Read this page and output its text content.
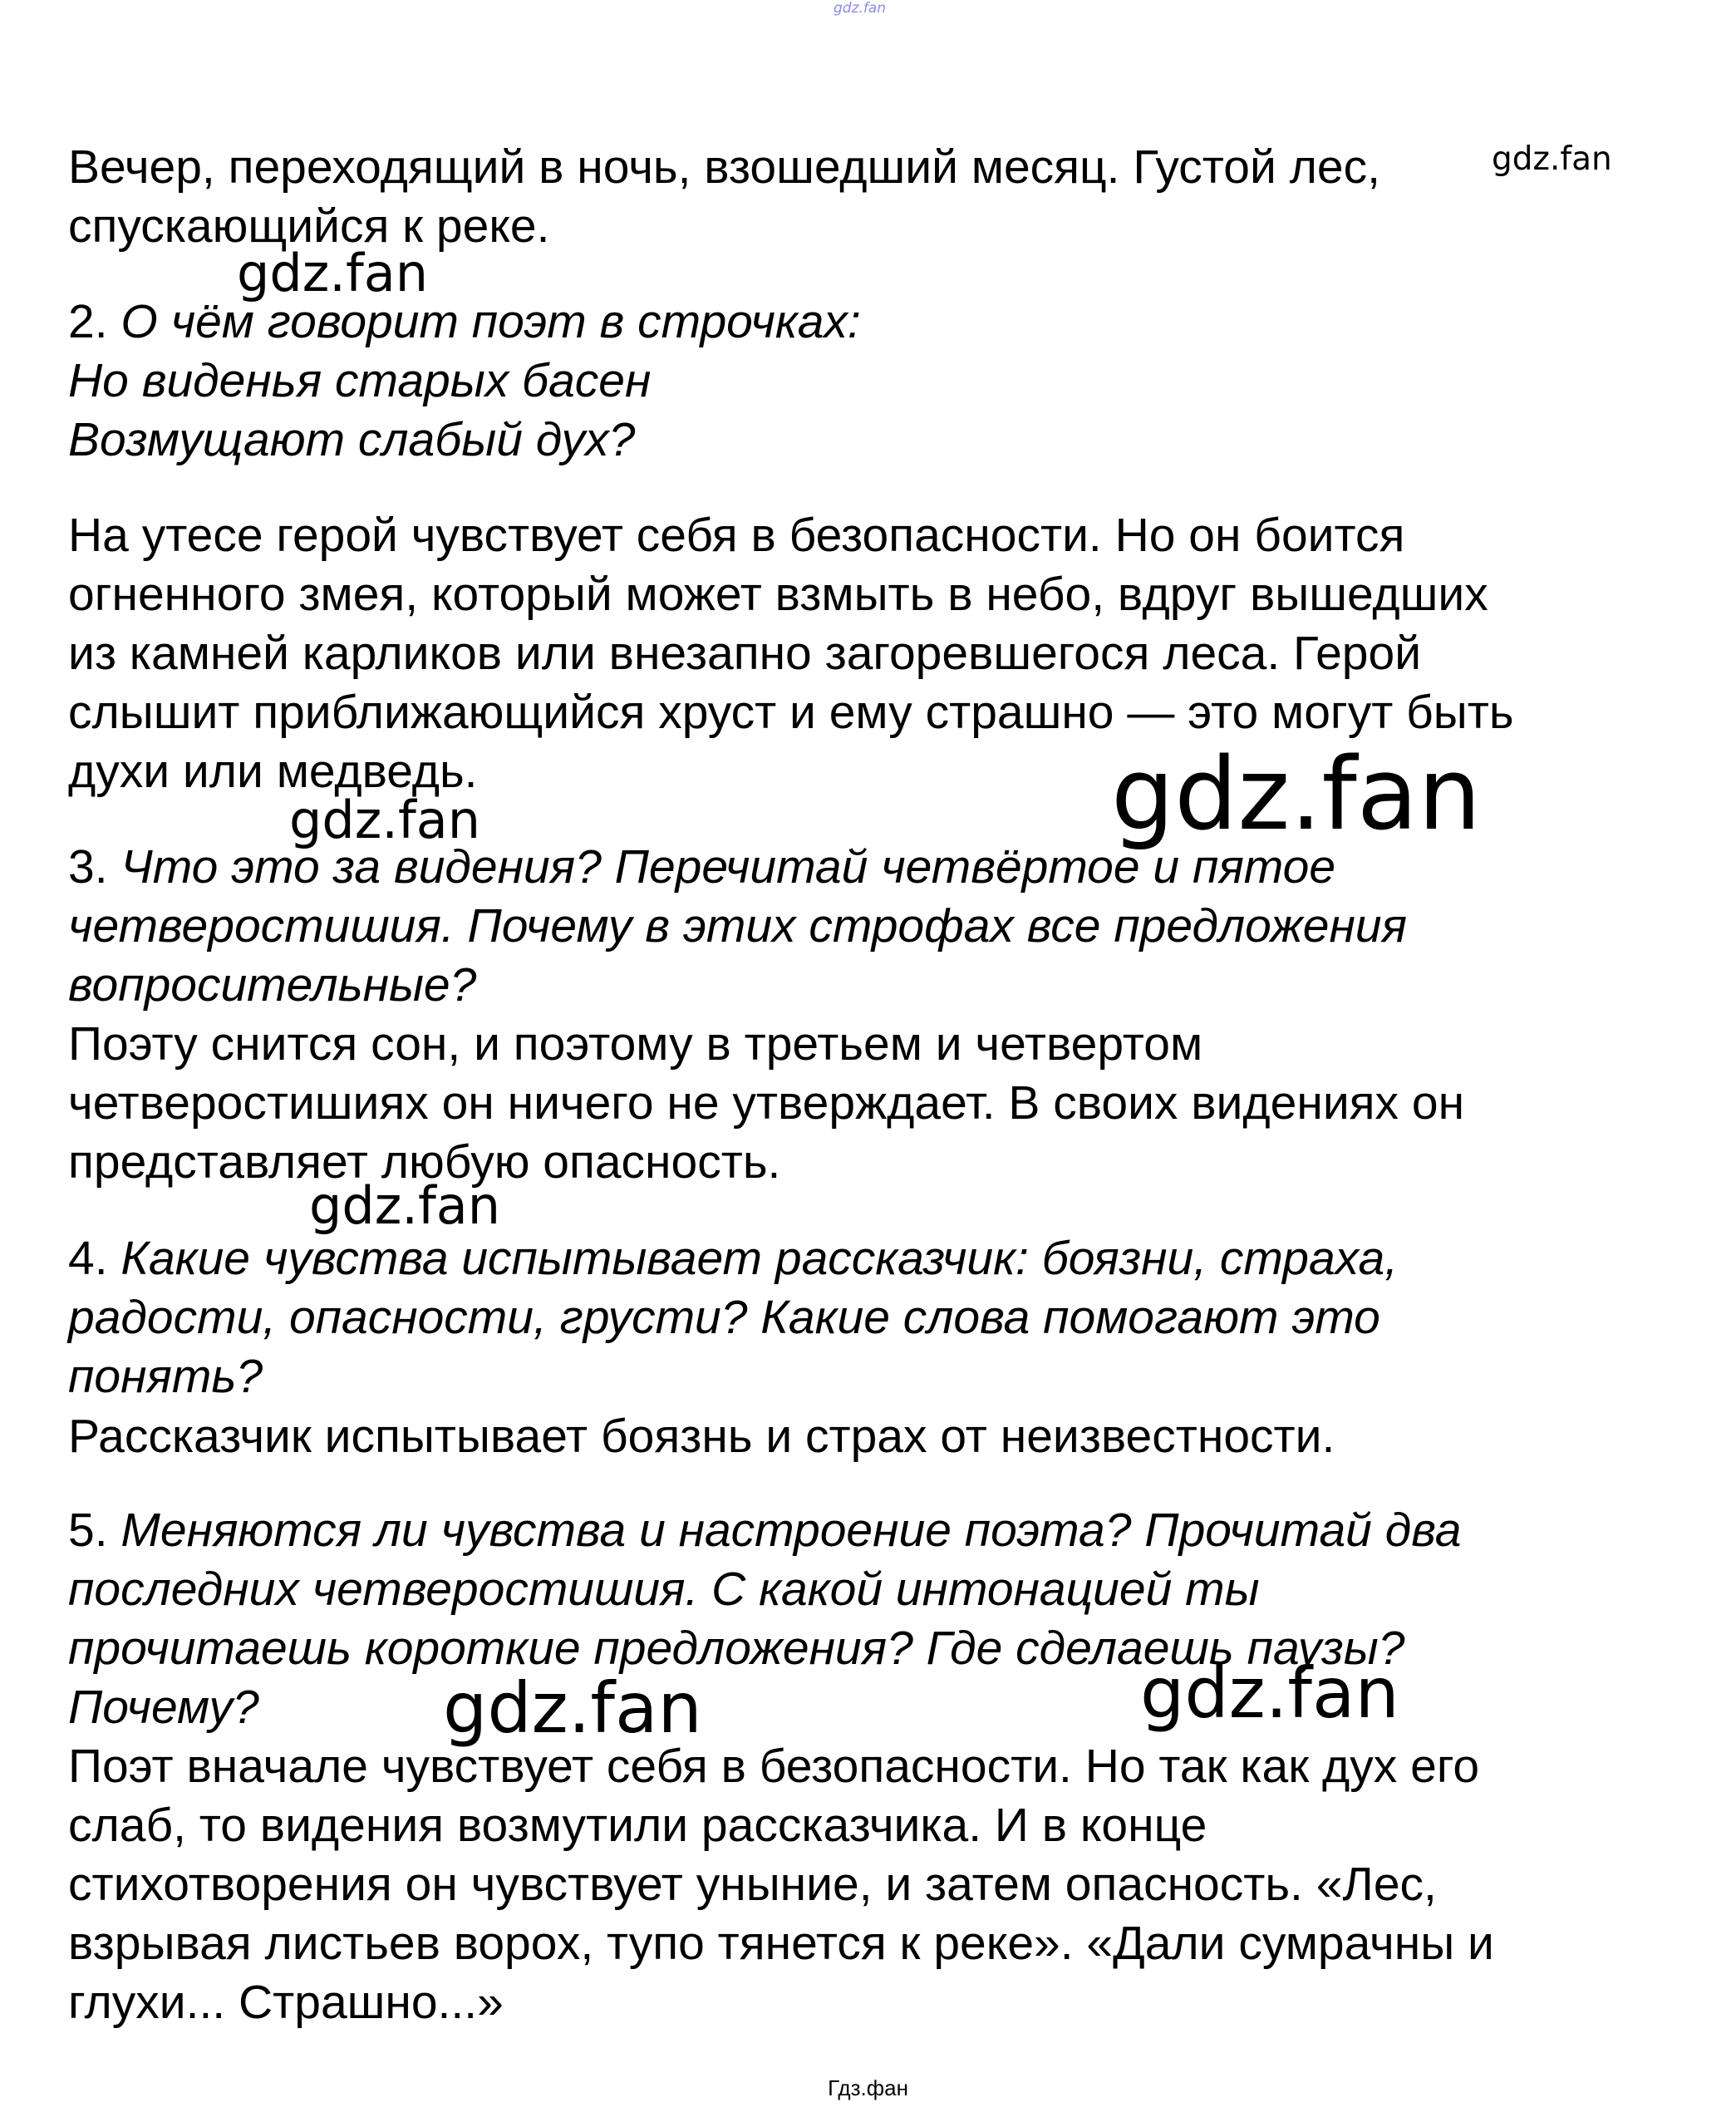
gdz.fan
gdz.fan
gdz.fan
gdz.fan	gdz.fan
gdz.fan
gdz.fan	gdz.fan

Вечер, переходящий в ночь, взошедший месяц. Густой лес,
спускающийся к реке.

2. О чём говорит поэт в строчках:
Но виденья старых басен
Возмущают слабый дух?
На утесе герой чувствует себя в безопасности. Но он боится
огненного змея, который может взмыть в небо, вдруг вышедших
из камней карликов или внезапно загоревшегося леса. Герой
слышит приближающийся хруст и ему страшно — это могут быть
духи или медведь.
3. Что это за видения? Перечитай четвёртое и пятое
четверостишия. Почему в этих строфах все предложения
вопросительные?
Поэту снится сон, и поэтому в третьем и четвертом
четверостишиях он ничего не утверждает. В своих видениях он
представляет любую опасность.
4. Какие чувства испытывает рассказчик: боязни, страха,
радости, опасности, грусти? Какие слова помогают это
понять?
Рассказчик испытывает боязнь и страх от неизвестности.
5. Меняются ли чувства и настроение поэта? Прочитай два
последних четверостишия. С какой интонацией ты
прочитаешь короткие предложения? Где сделаешь паузы?
Почему?
Поэт вначале чувствует себя в безопасности. Но так как дух его
слаб, то видения возмутили рассказчика. И в конце
стихотворения он чувствует уныние, и затем опасность. «Лес,
взрывая листьев ворох, тупо тянется к реке». «Дали сумрачны и
глухи... Страшно...»
Гдз.фан
